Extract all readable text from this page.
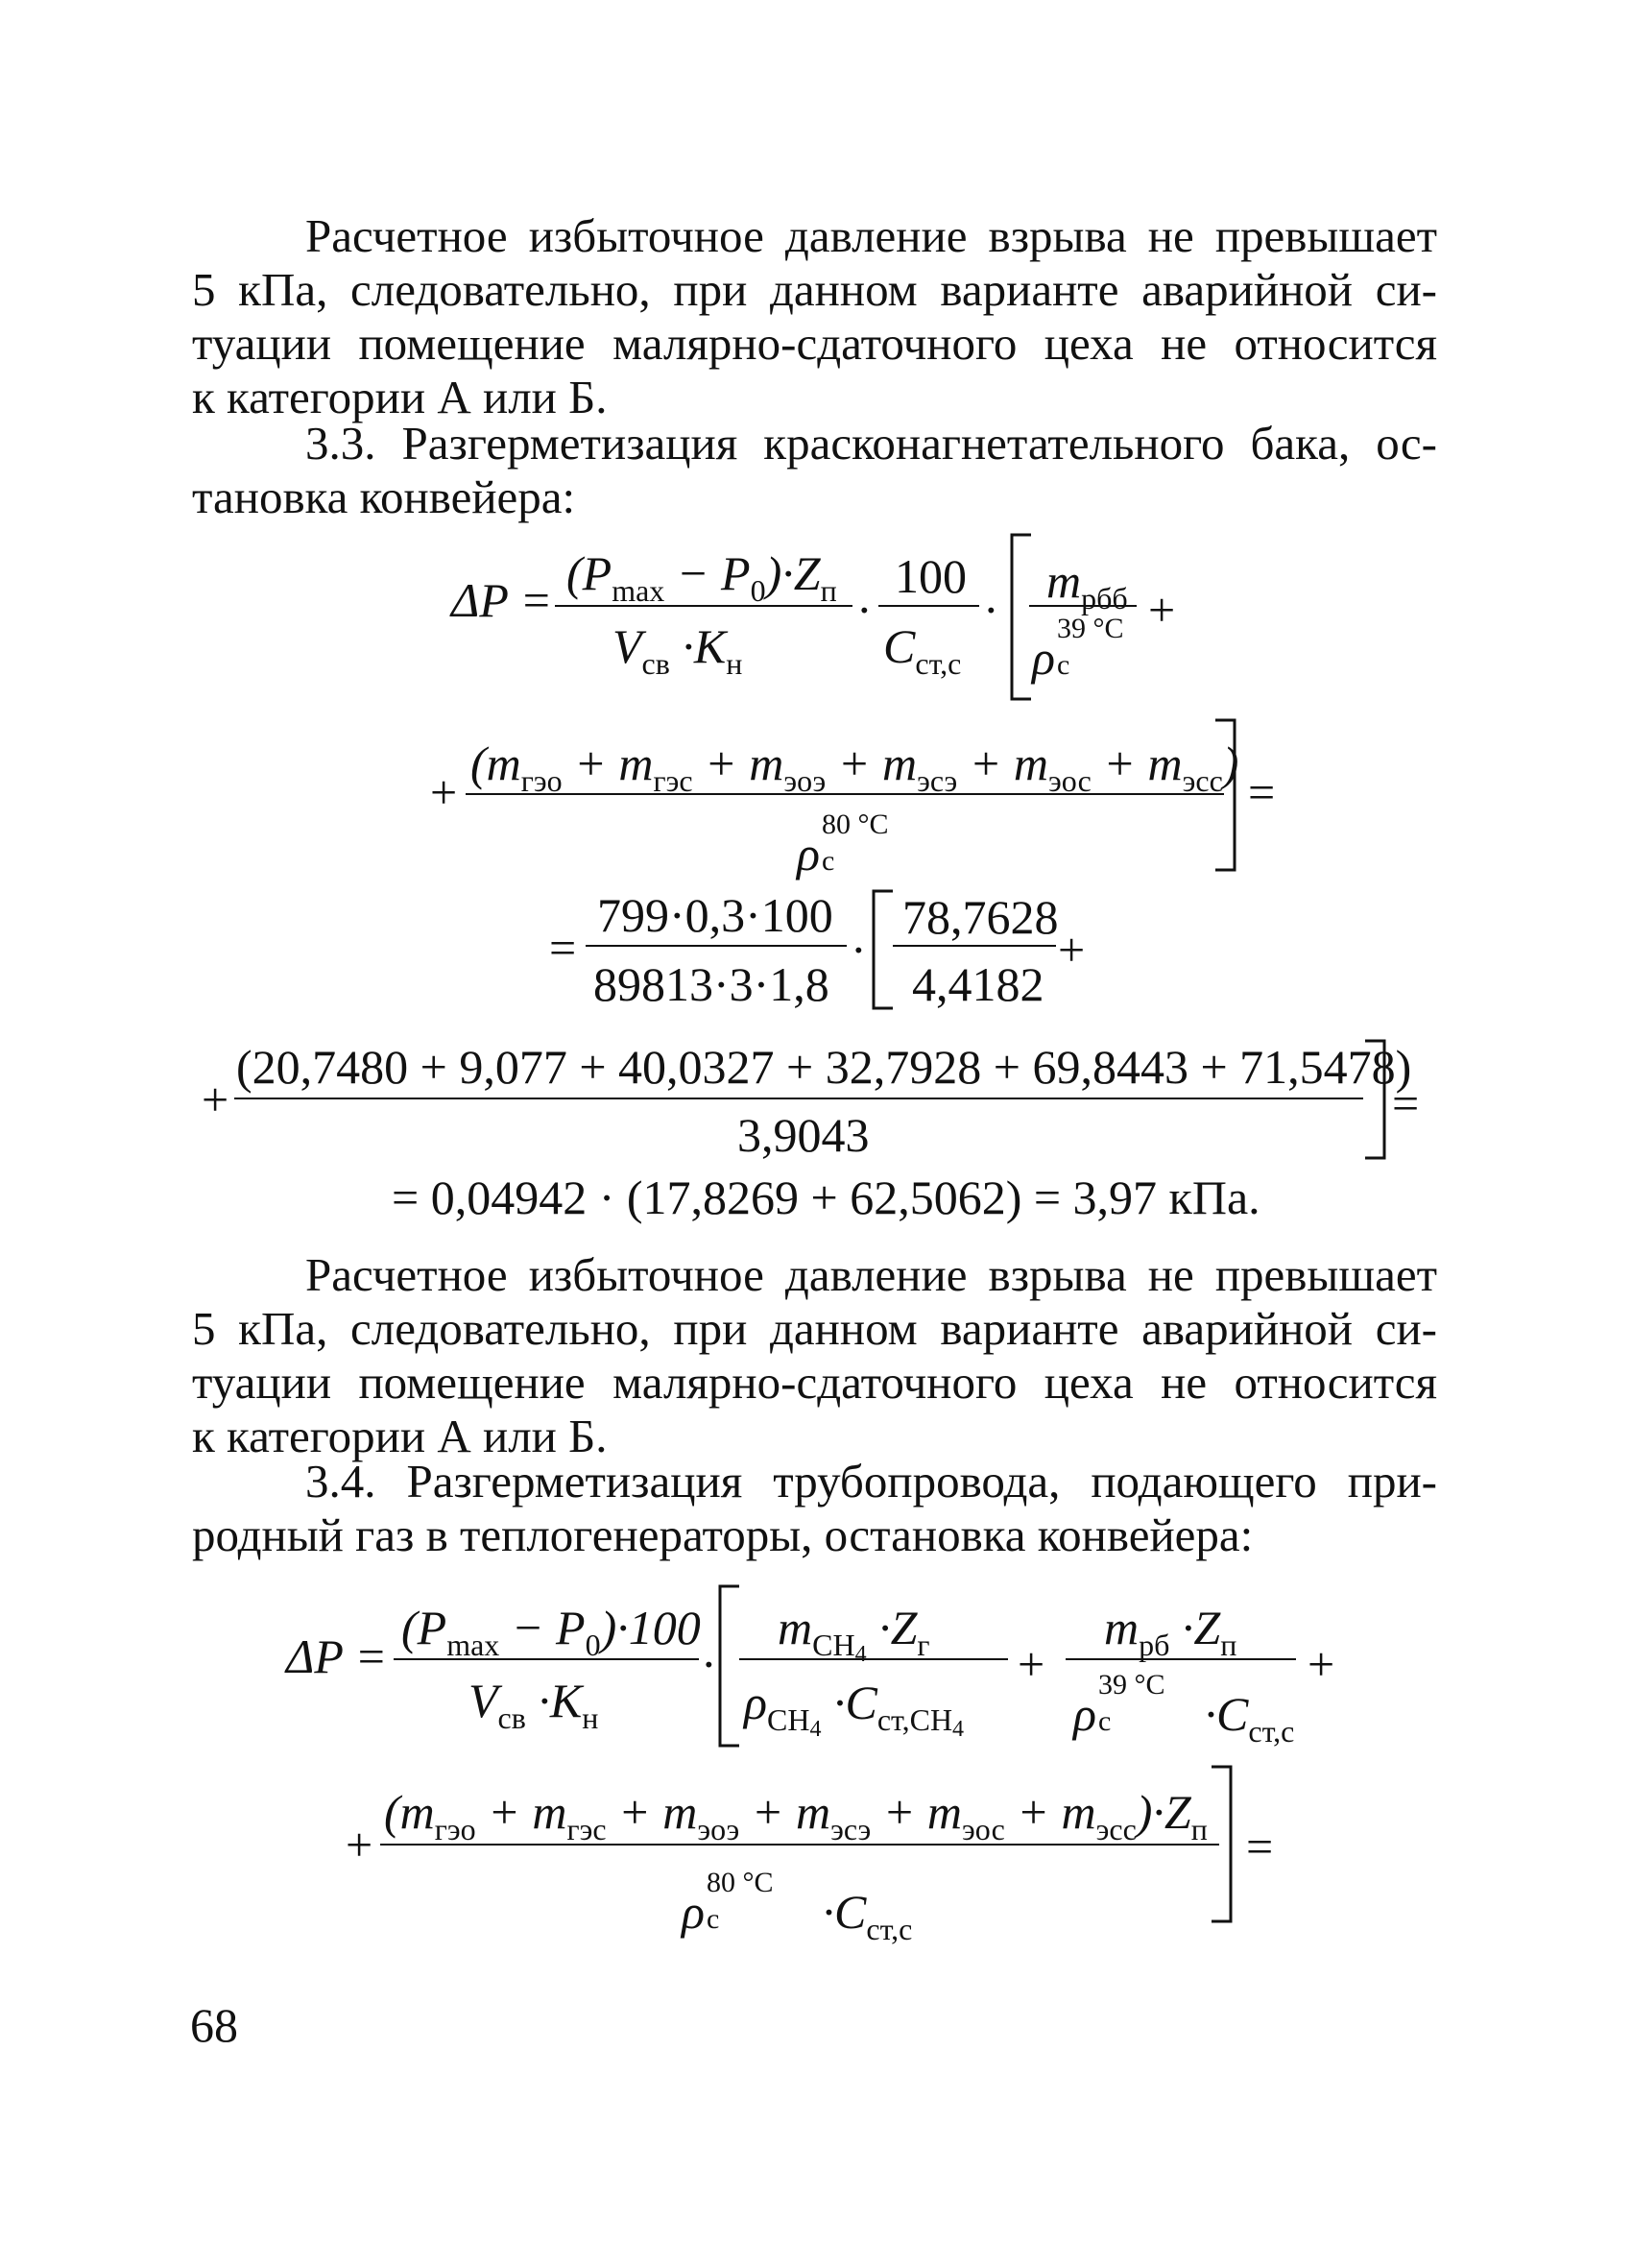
Расчетное избыточное давление взрыва не превышает
5 кПа, следовательно, при данном варианте аварийной си-
туации помещение малярно-сдаточного цеха не относится
к категории А или Б.
3.3. Разгерметизация красконагнетательного бака, ос-
тановка конвейера:
$\Delta P = (P_{max} - P_0)\cdot Z_п$
$V_{св} \cdot K_н$
·
100
$C_{ст,с}$
·
$m_{рбб}$
ρ
39 °С
с
+
+
$(m_{гэо} + m_{гэс} + m_{эоэ} + m_{эсэ} + m_{эос} + m_{эсс})$
ρ
80 °С
с
=
=
799·0,3·100
89813·3·1,8
·
78,7628
4,4182
+
+
(20,7480 + 9,077 + 40,0327 + 32,7928 + 69,8443 + 71,5478)
3,9043
=
= 0,04942 · (17,8269 + 62,5062) = 3,97 кПа.
Расчетное избыточное давление взрыва не превышает
5 кПа, следовательно, при данном варианте аварийной си-
туации помещение малярно-сдаточного цеха не относится
к категории А или Б.
3.4. Разгерметизация трубопровода, подающего при-
родный газ в теплогенераторы, остановка конвейера:
ΔP =
$(P_{max} - P_0)\cdot 100$
$V_{св} \cdot K_н$
·
$m_{CH4} \cdot Z_г$
$\rho_{CH4} \cdot C_{ст,CH4}$
+
$m_{рб} \cdot Z_п$
ρ
39 °С
$с \cdot C_{ст,с}$
+
+
$(m_{гэо} + m_{гэс} + m_{эоэ} + m_{эсэ} + m_{эос} + m_{эсс})\cdot Z_п$
ρ
80 °С
$с \cdot C_{ст,с}$
=
68
